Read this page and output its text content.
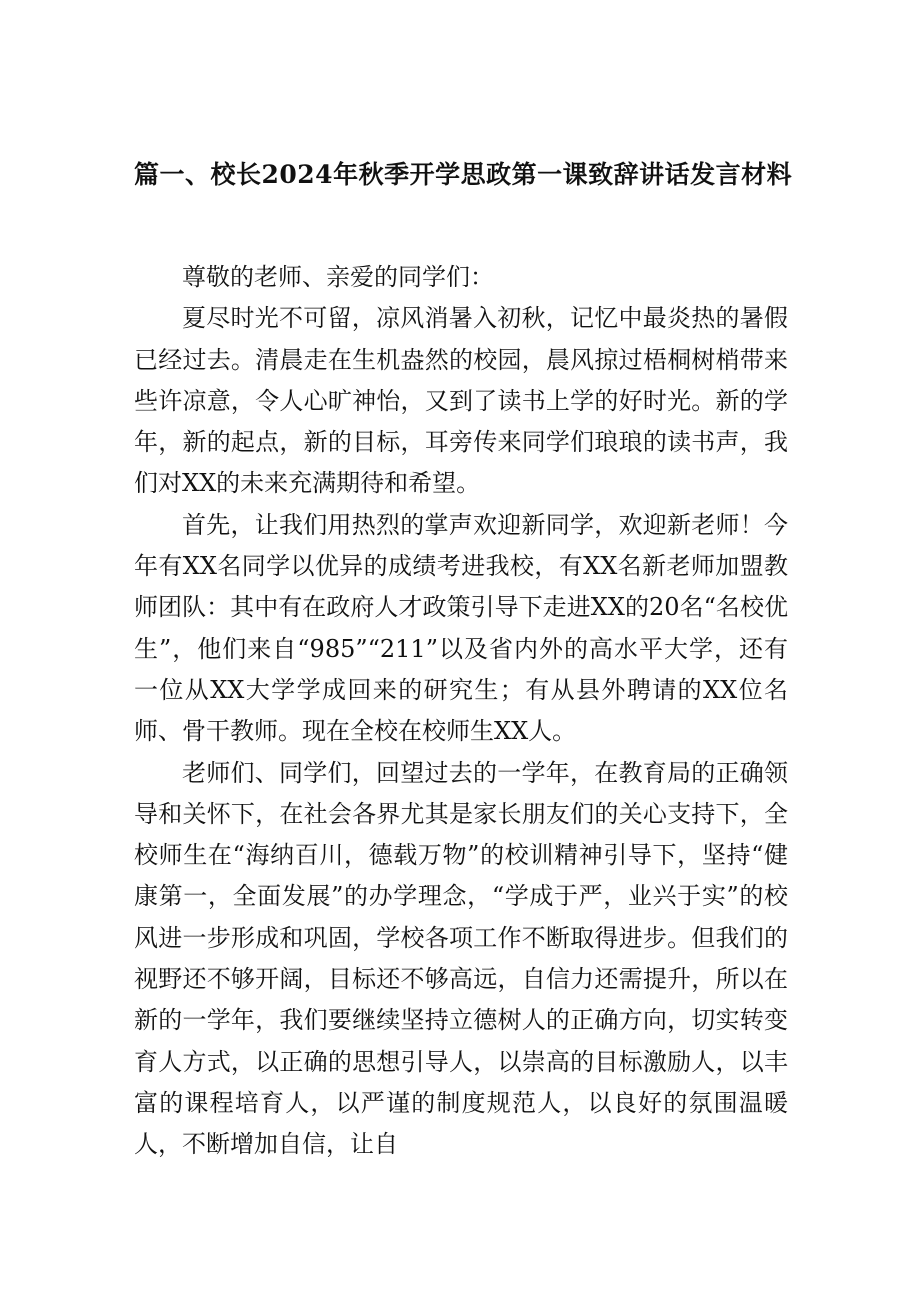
篇一、校长2024年秋季开学思政第一课致辞讲话发言材料

尊敬的老师、亲爱的同学们：

夏尽时光不可留，凉风消暑入初秋，记忆中最炎热的暑假已经过去。清晨走在生机盎然的校园，晨风掠过梧桐树梢带来些许凉意，令人心旷神怡，又到了读书上学的好时光。新的学年，新的起点，新的目标，耳旁传来同学们琅琅的读书声，我们对XX的未来充满期待和希望。

首先，让我们用热烈的掌声欢迎新同学，欢迎新老师！今年有XX名同学以优异的成绩考进我校，有XX名新老师加盟教师团队：其中有在政府人才政策引导下走进XX的20名“名校优生”，他们来自“985”“211”以及省内外的高水平大学，还有一位从XX大学学成回来的研究生；有从县外聘请的XX位名师、骨干教师。现在全校在校师生XX人。

老师们、同学们，回望过去的一学年，在教育局的正确领导和关怀下，在社会各界尤其是家长朋友们的关心支持下，全校师生在“海纳百川，德载万物”的校训精神引导下，坚持“健康第一，全面发展”的办学理念，“学成于严，业兴于实”的校风进一步形成和巩固，学校各项工作不断取得进步。但我们的视野还不够开阔，目标还不够高远，自信力还需提升，所以在新的一学年，我们要继续坚持立德树人的正确方向，切实转变育人方式，以正确的思想引导人，以崇高的目标激励人，以丰富的课程培育人，以严谨的制度规范人，以良好的氛围温暖人，不断增加自信，让自
